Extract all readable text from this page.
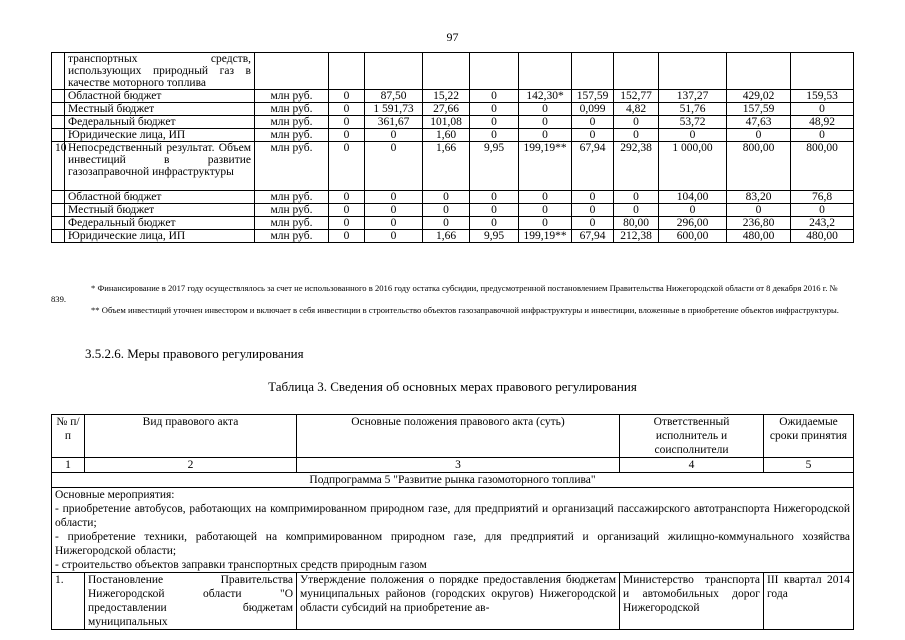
97
	транспортных средств, использующих природный газ в качестве моторного топлива											
	Областной бюджет	млн руб.	0	87,50	15,22	0	142,30*	157,59	152,77	137,27	429,02	159,53
	Местный бюджет	млн руб.	0	1 591,73	27,66	0	0	0,099	4,82	51,76	157,59	0
	Федеральный бюджет	млн руб.	0	361,67	101,08	0	0	0	0	53,72	47,63	48,92
	Юридические лица, ИП	млн руб.	0	0	1,60	0	0	0	0	0	0	0
10	Непосредственный результат. Объем инвестиций в развитие газозаправочной инфраструктуры	млн руб.	0	0	1,66	9,95	199,19**	67,94	292,38	1 000,00	800,00	800,00
	Областной бюджет	млн руб.	0	0	0	0	0	0	0	104,00	83,20	76,8
	Местный бюджет	млн руб.	0	0	0	0	0	0	0	0	0	0
	Федеральный бюджет	млн руб.	0	0	0	0	0	0	80,00	296,00	236,80	243,2
	Юридические лица, ИП	млн руб.	0	0	1,66	9,95	199,19**	67,94	212,38	600,00	480,00	480,00
* Финансирование в 2017 году осуществлялось за счет не использованного в 2016 году остатка субсидии, предусмотренной постановлением Правительства Нижегородской области от 8 декабря 2016 г. № 839.
** Объем инвестиций уточнен инвестором и включает в себя инвестиции в строительство объектов газозаправочной инфраструктуры и инвестиции, вложенные в приобретение объектов инфраструктуры.
3.5.2.6. Меры правового регулирования
Таблица 3. Сведения об основных мерах правового регулирования
№ п/п	Вид правового акта	Основные положения правового акта (суть)	Ответственный исполнитель и соисполнители	Ожидаемые сроки принятия
1	2	3	4	5
Подпрограмма 5 "Развитие рынка газомоторного топлива"				

Основные мероприятия:
- приобретение автобусов, работающих на компримированном природном газе, для предприятий и организаций пассажирского автотранспорта Нижегородской области;
- приобретение техники, работающей на компримированном природном газе, для предприятий и организаций жилищно-коммунального хозяйства Нижегородской области;
- строительство объектов заправки транспортных средств природным газом				

1.	Постановление Правительства Нижегородской области "О предоставлении бюджетам муниципальных	Утверждение положения о порядке предоставления бюджетам муниципальных районов (городских округов) Нижегородской области субсидий на приобретение ав-	Министерство транспорта и автомобильных дорог Нижегородской	III квартал 2014 года
